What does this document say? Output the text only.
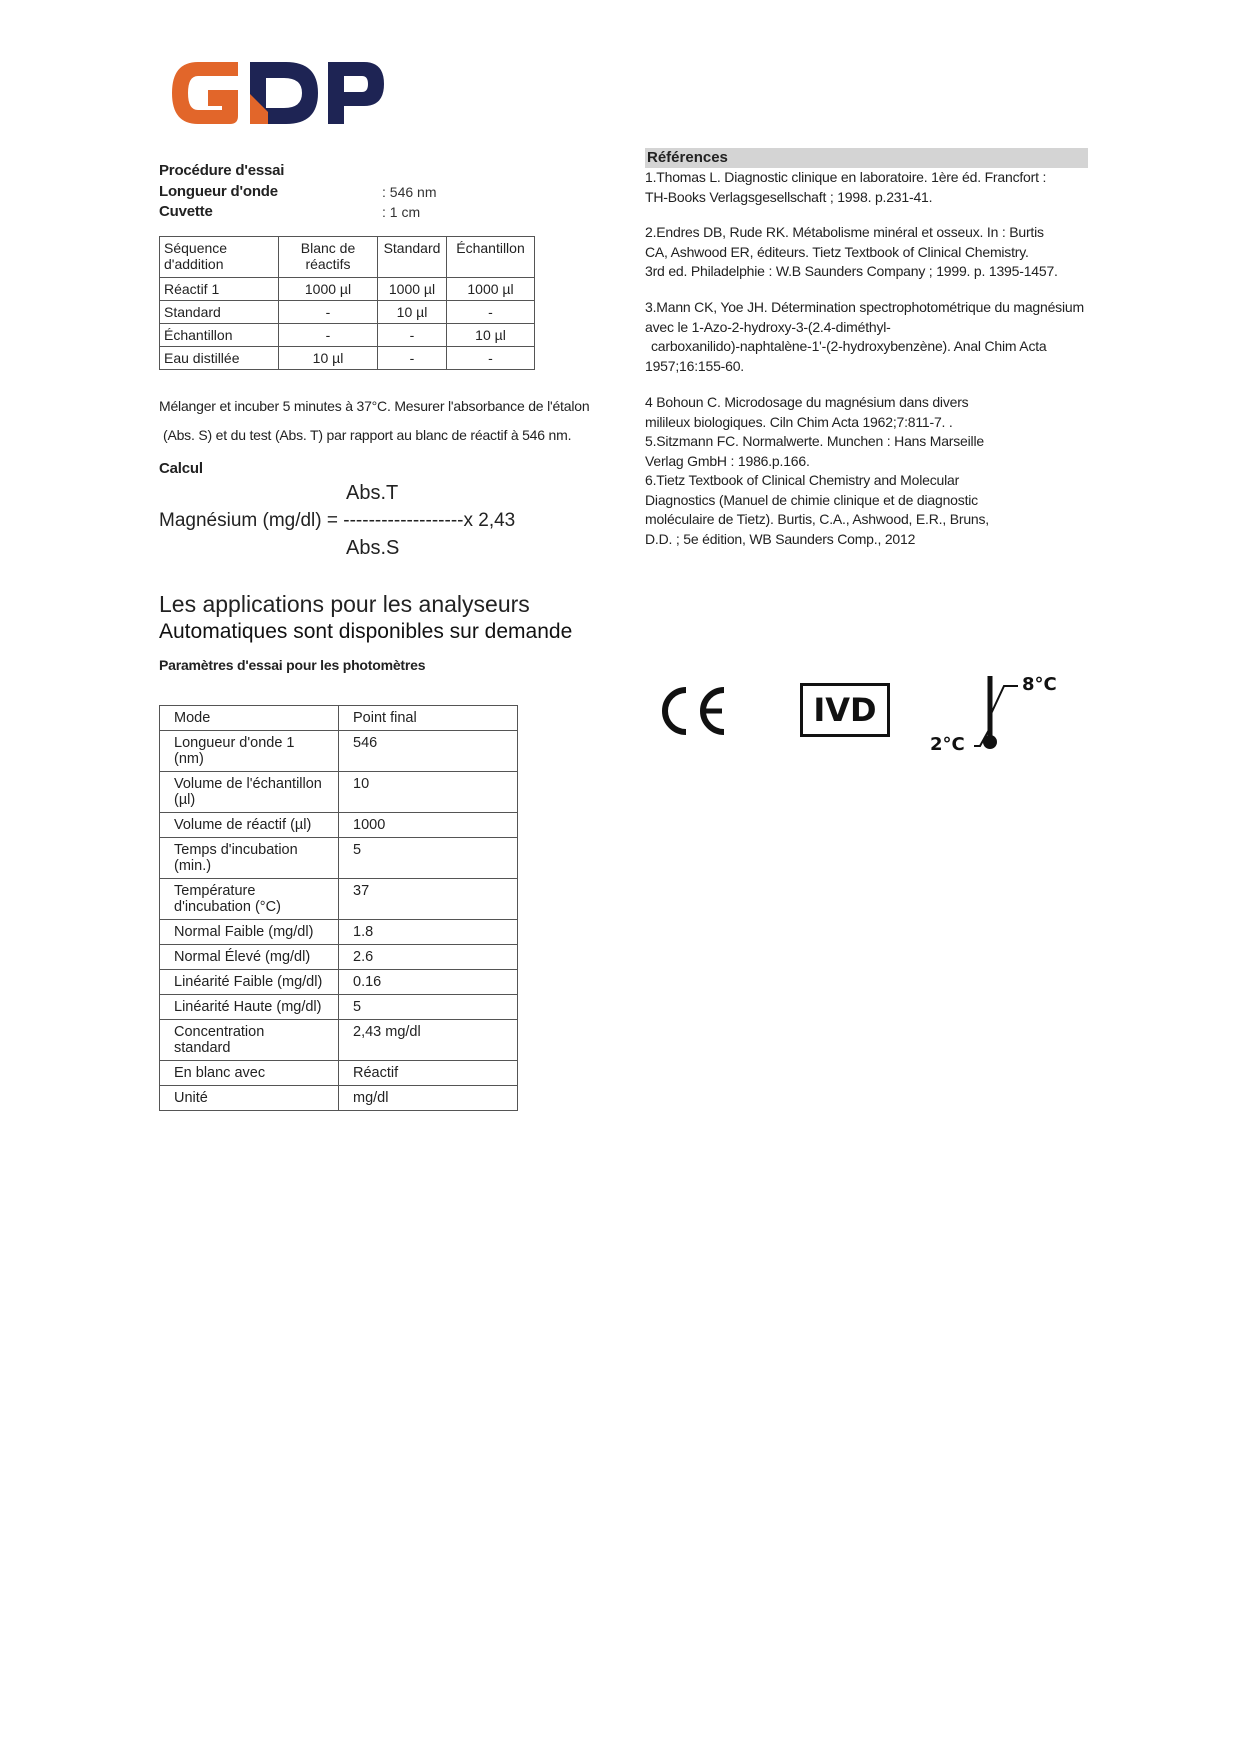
Procédure d'essai
Longueur d'onde	: 546 nm
Cuvette	: 1 cm
Séquence d'addition	Blanc de réactifs	Standard	Échantillon
Réactif 1	1000 µl	1000 µl	1000 µl
Standard	-	10 µl	-
Échantillon	-	-	10 µl
Eau distillée	10 µl	-	-
Mélanger et incuber 5 minutes à 37°C. Mesurer l'absorbance de l'étalon
(Abs. S) et du test (Abs. T) par rapport au blanc de réactif à 546 nm.
Calcul
Abs.T
Magnésium (mg/dl) = -------------------x 2,43
Abs.S
Les applications pour les analyseurs
Automatiques sont disponibles sur demande
Paramètres d'essai pour les photomètres
Mode	Point final
Longueur d'onde 1 (nm)	546
Volume de l'échantillon (µl)	10
Volume de réactif (µl)	1000
Temps d'incubation (min.)	5
Température d'incubation (°C)	37
Normal Faible (mg/dl)	1.8
Normal Élevé (mg/dl)	2.6
Linéarité Faible (mg/dl)	0.16
Linéarité Haute (mg/dl)	5
Concentration standard	2,43 mg/dl
En blanc avec	Réactif
Unité	mg/dl
Références
1.Thomas L. Diagnostic clinique en laboratoire. 1ère éd. Francfort :
TH-Books Verlagsgesellschaft ; 1998. p.231-41.
2.Endres DB, Rude RK. Métabolisme minéral et osseux. In : Burtis
CA, Ashwood ER, éditeurs. Tietz Textbook of Clinical Chemistry.
3rd ed. Philadelphie : W.B Saunders Company ; 1999. p. 1395-1457.
3.Mann CK, Yoe JH. Détermination spectrophotométrique du magnésium
avec le 1-Azo-2-hydroxy-3-(2.4-diméthyl-
carboxanilido)-naphtalène-1'-(2-hydroxybenzène). Anal Chim Acta
1957;16:155-60.
4 Bohoun C. Microdosage du magnésium dans divers
milileux biologiques. Ciln Chim Acta 1962;7:811-7. .
5.Sitzmann FC. Normalwerte. Munchen : Hans Marseille
Verlag GmbH : 1986.p.166.
6.Tietz Textbook of Clinical Chemistry and Molecular
Diagnostics (Manuel de chimie clinique et de diagnostic
moléculaire de Tietz). Burtis, C.A., Ashwood, E.R., Bruns,
D.D. ; 5e édition, WB Saunders Comp., 2012
IVD
8°C
2°C
